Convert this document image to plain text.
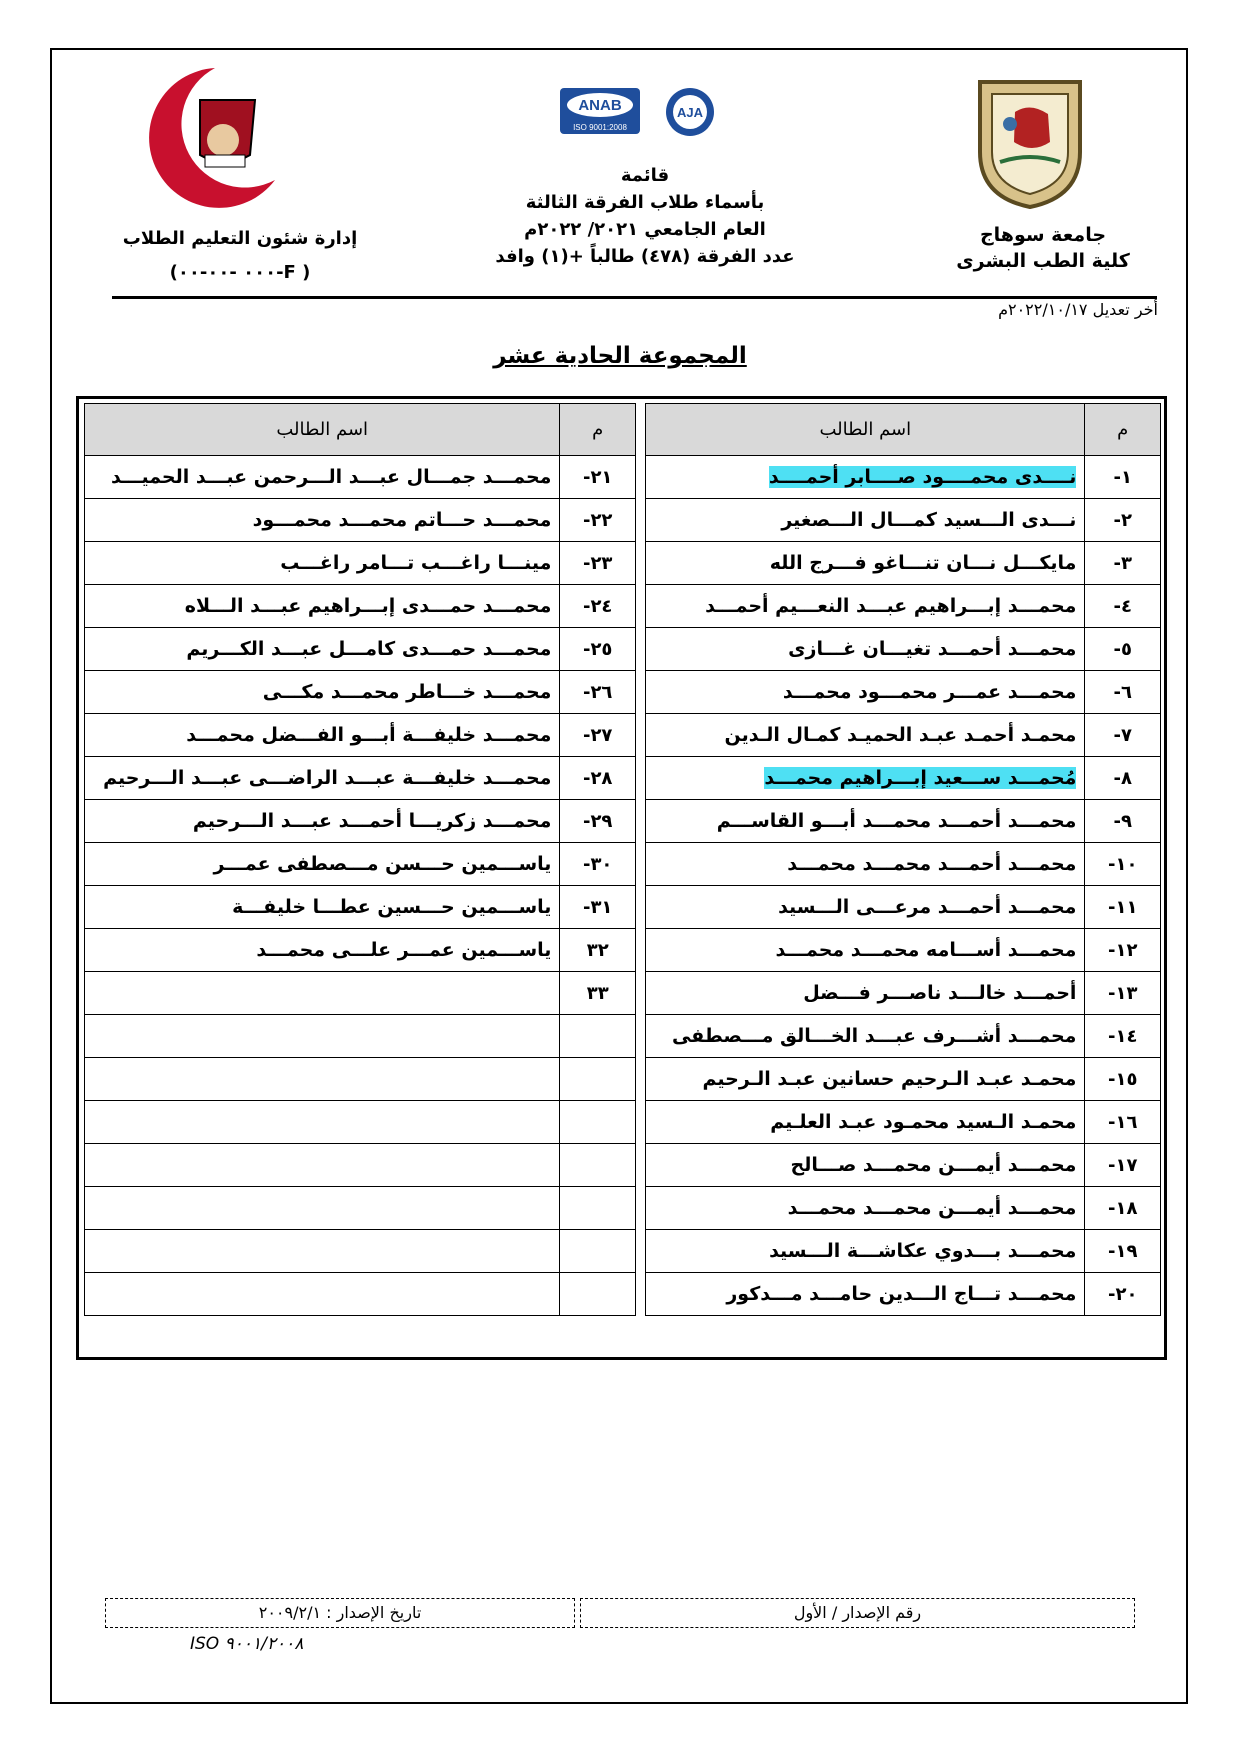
جامعة سوهاج
كلية الطب البشرى
ANAB
ISO 9001:2008
AJA
قائمة
بأسماء طلاب الفرقة الثالثة
العام الجامعي ٢٠٢١/ ٢٠٢٢م
عدد الفرقة (٤٧٨) طالباً +(١) وافد
إدارة شئون التعليم الطلاب
( F-٠٠٠ -٠٠-٠٠)
أخر تعديل ٢٠٢٢/١٠/١٧م
المجموعة الحادية عشر
م	اسم الطالب		م	اسم الطالب
١-	نــــدى محمــــود صــــابر أحمــــد		٢١-	محمـــد جمـــال عبـــد الـــرحمن عبـــد الحميـــد
٢-	نـــدى الـــسيد كمـــال الـــصغير		٢٢-	محمـــد حـــاتم محمـــد محمـــود
٣-	مايكـــل نـــان تنـــاغو فـــرج الله		٢٣-	مينـــا راغـــب تـــامر راغـــب
٤-	محمـــد إبـــراهيم عبـــد النعـــيم أحمـــد		٢٤-	محمـــد حمـــدى إبـــراهيم عبـــد الـــلاه
٥-	محمـــد أحمـــد تغيـــان غـــازى		٢٥-	محمـــد حمـــدى كامـــل عبـــد الكـــريم
٦-	محمـــد عمـــر محمـــود محمـــد		٢٦-	محمـــد خـــاطر محمـــد مكـــى
٧-	محمـد أحمـد عبـد الحميـد كمـال الـدين		٢٧-	محمـــد خليفـــة أبـــو الفـــضل محمـــد
٨-	مُحمـــد ســـعيد إبـــراهيم محمـــد		٢٨-	محمـــد خليفـــة عبـــد الراضـــى عبـــد الـــرحيم
٩-	محمـــد أحمـــد محمـــد أبـــو القاســـم		٢٩-	محمـــد زكريـــا أحمـــد عبـــد الـــرحيم
١٠-	محمـــد أحمـــد محمـــد محمـــد		٣٠-	ياســـمين حـــسن مـــصطفى عمـــر
١١-	محمـــد أحمـــد مرعـــى الـــسيد		٣١-	ياســـمين حـــسين عطـــا خليفـــة
١٢-	محمـــد أســـامه محمـــد محمـــد		٣٢	ياســـمين عمـــر علـــى محمـــد
١٣-	أحمـــد خالـــد ناصـــر فـــضل		٣٣	
١٤-	محمـــد أشـــرف عبـــد الخـــالق مـــصطفى			
١٥-	محمـد عبـد الـرحيم حسانين عبـد الـرحيم			
١٦-	محمـد الـسيد محمـود عبـد العلـيم			
١٧-	محمـــد أيمـــن محمـــد صـــالح			
١٨-	محمـــد أيمـــن محمـــد محمـــد			
١٩-	محمـــد بـــدوي عكاشـــة الـــسيد			
٢٠-	محمـــد تـــاج الـــدين حامـــد مـــدكور			
رقم الإصدار / الأول
تاريخ الإصدار : ٢٠٠٩/٢/١
ISO ٩٠٠١/٢٠٠٨
